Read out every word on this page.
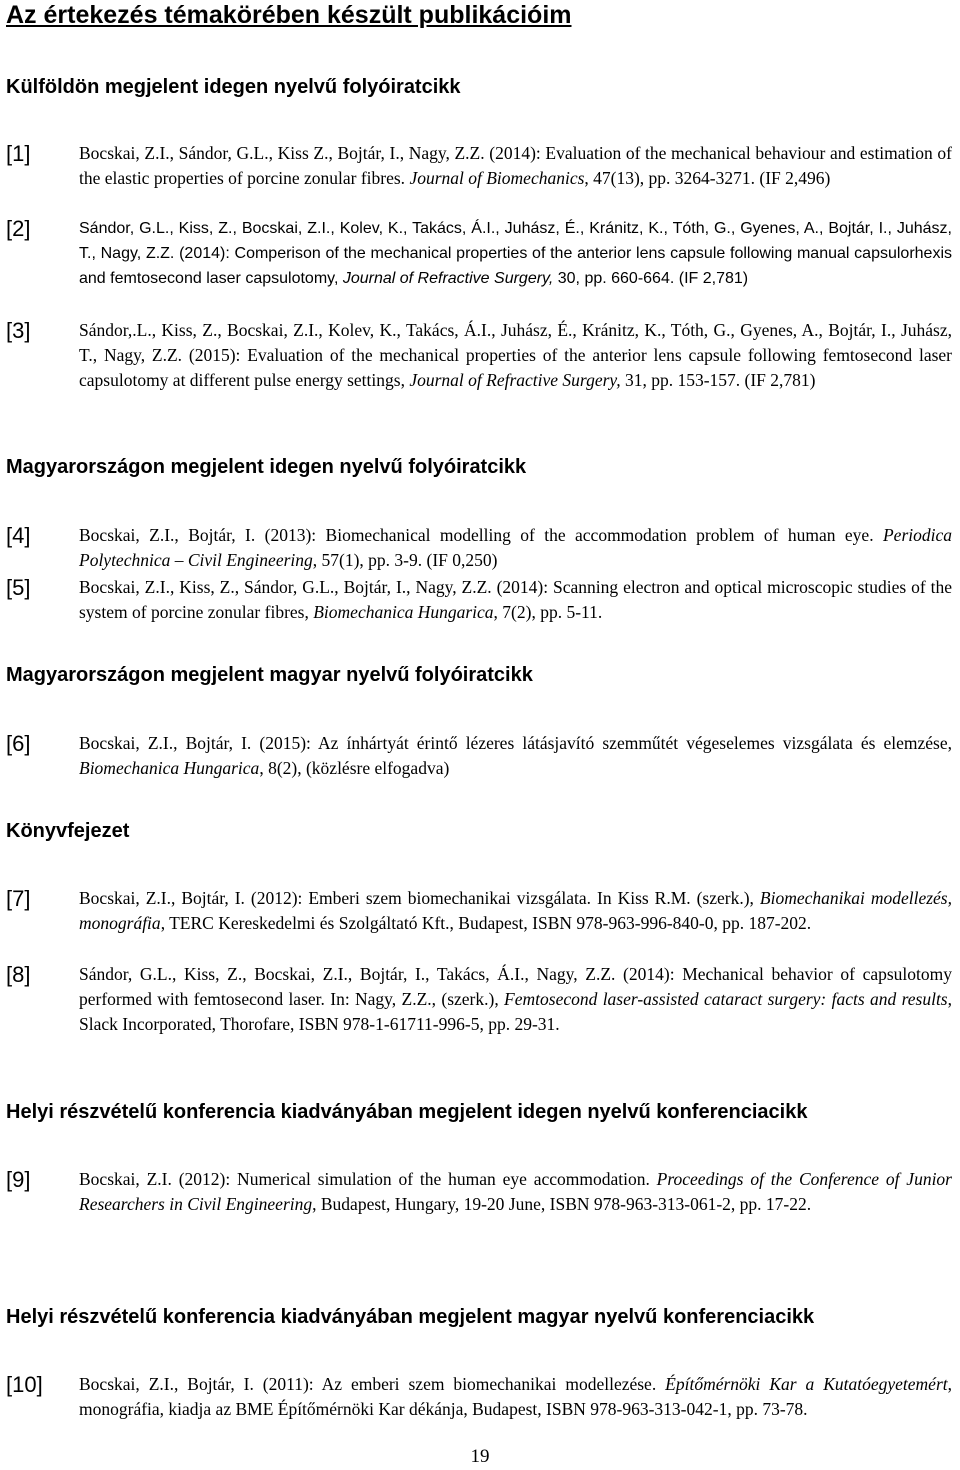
Az értekezés témakörében készült publikációim
Külföldön megjelent idegen nyelvű folyóiratcikk
[1]	Bocskai, Z.I., Sándor, G.L., Kiss Z., Bojtár, I., Nagy, Z.Z. (2014): Evaluation of the mechanical behaviour and estimation of the elastic properties of porcine zonular fibres. Journal of Biomechanics, 47(13), pp. 3264-3271. (IF 2,496)
[2]	Sándor, G.L., Kiss, Z., Bocskai, Z.I., Kolev, K., Takács, Á.I., Juhász, É., Kránitz, K., Tóth, G., Gyenes, A., Bojtár, I., Juhász, T., Nagy, Z.Z. (2014): Comperison of the mechanical properties of the anterior lens capsule following manual capsulorhexis and femtosecond laser capsulotomy, Journal of Refractive Surgery, 30, pp. 660-664. (IF 2,781)
[3]	Sándor,.L., Kiss, Z., Bocskai, Z.I., Kolev, K., Takács, Á.I., Juhász, É., Kránitz, K., Tóth, G., Gyenes, A., Bojtár, I., Juhász, T., Nagy, Z.Z. (2015): Evaluation of the mechanical properties of the anterior lens capsule following femtosecond laser capsulotomy at different pulse energy settings, Journal of Refractive Surgery, 31, pp. 153-157. (IF 2,781)
Magyarországon megjelent idegen nyelvű folyóiratcikk
[4]	Bocskai, Z.I., Bojtár, I. (2013): Biomechanical modelling of the accommodation problem of human eye. Periodica Polytechnica – Civil Engineering, 57(1), pp. 3-9. (IF 0,250)
[5]	Bocskai, Z.I., Kiss, Z., Sándor, G.L., Bojtár, I., Nagy, Z.Z. (2014): Scanning electron and optical microscopic studies of the system of porcine zonular fibres, Biomechanica Hungarica, 7(2), pp. 5-11.
Magyarországon megjelent magyar nyelvű folyóiratcikk
[6]	Bocskai, Z.I., Bojtár, I. (2015): Az ínhártyát érintő lézeres látásjavító szemműtét végeselemes vizsgálata és elemzése, Biomechanica Hungarica, 8(2), (közlésre elfogadva)
Könyvfejezet
[7]	Bocskai, Z.I., Bojtár, I. (2012): Emberi szem biomechanikai vizsgálata. In Kiss R.M. (szerk.), Biomechanikai modellezés, monográfia, TERC Kereskedelmi és Szolgáltató Kft., Budapest, ISBN 978-963-996-840-0, pp. 187-202.
[8]	Sándor, G.L., Kiss, Z., Bocskai, Z.I., Bojtár, I., Takács, Á.I., Nagy, Z.Z. (2014): Mechanical behavior of capsulotomy performed with femtosecond laser. In: Nagy, Z.Z., (szerk.), Femtosecond laser-assisted cataract surgery: facts and results, Slack Incorporated, Thorofare, ISBN 978-1-61711-996-5, pp. 29-31.
Helyi részvételű konferencia kiadványában megjelent idegen nyelvű konferenciacikk
[9]	Bocskai, Z.I. (2012): Numerical simulation of the human eye accommodation. Proceedings of the Conference of Junior Researchers in Civil Engineering, Budapest, Hungary, 19-20 June, ISBN 978-963-313-061-2, pp. 17-22.
Helyi részvételű konferencia kiadványában megjelent magyar nyelvű konferenciacikk
[10] Bocskai, Z.I., Bojtár, I. (2011): Az emberi szem biomechanikai modellezése. Építőmérnöki Kar a Kutatóegyetemért, monográfia, kiadja az BME Építőmérnöki Kar dékánja, Budapest, ISBN 978-963-313-042-1, pp. 73-78.
19
